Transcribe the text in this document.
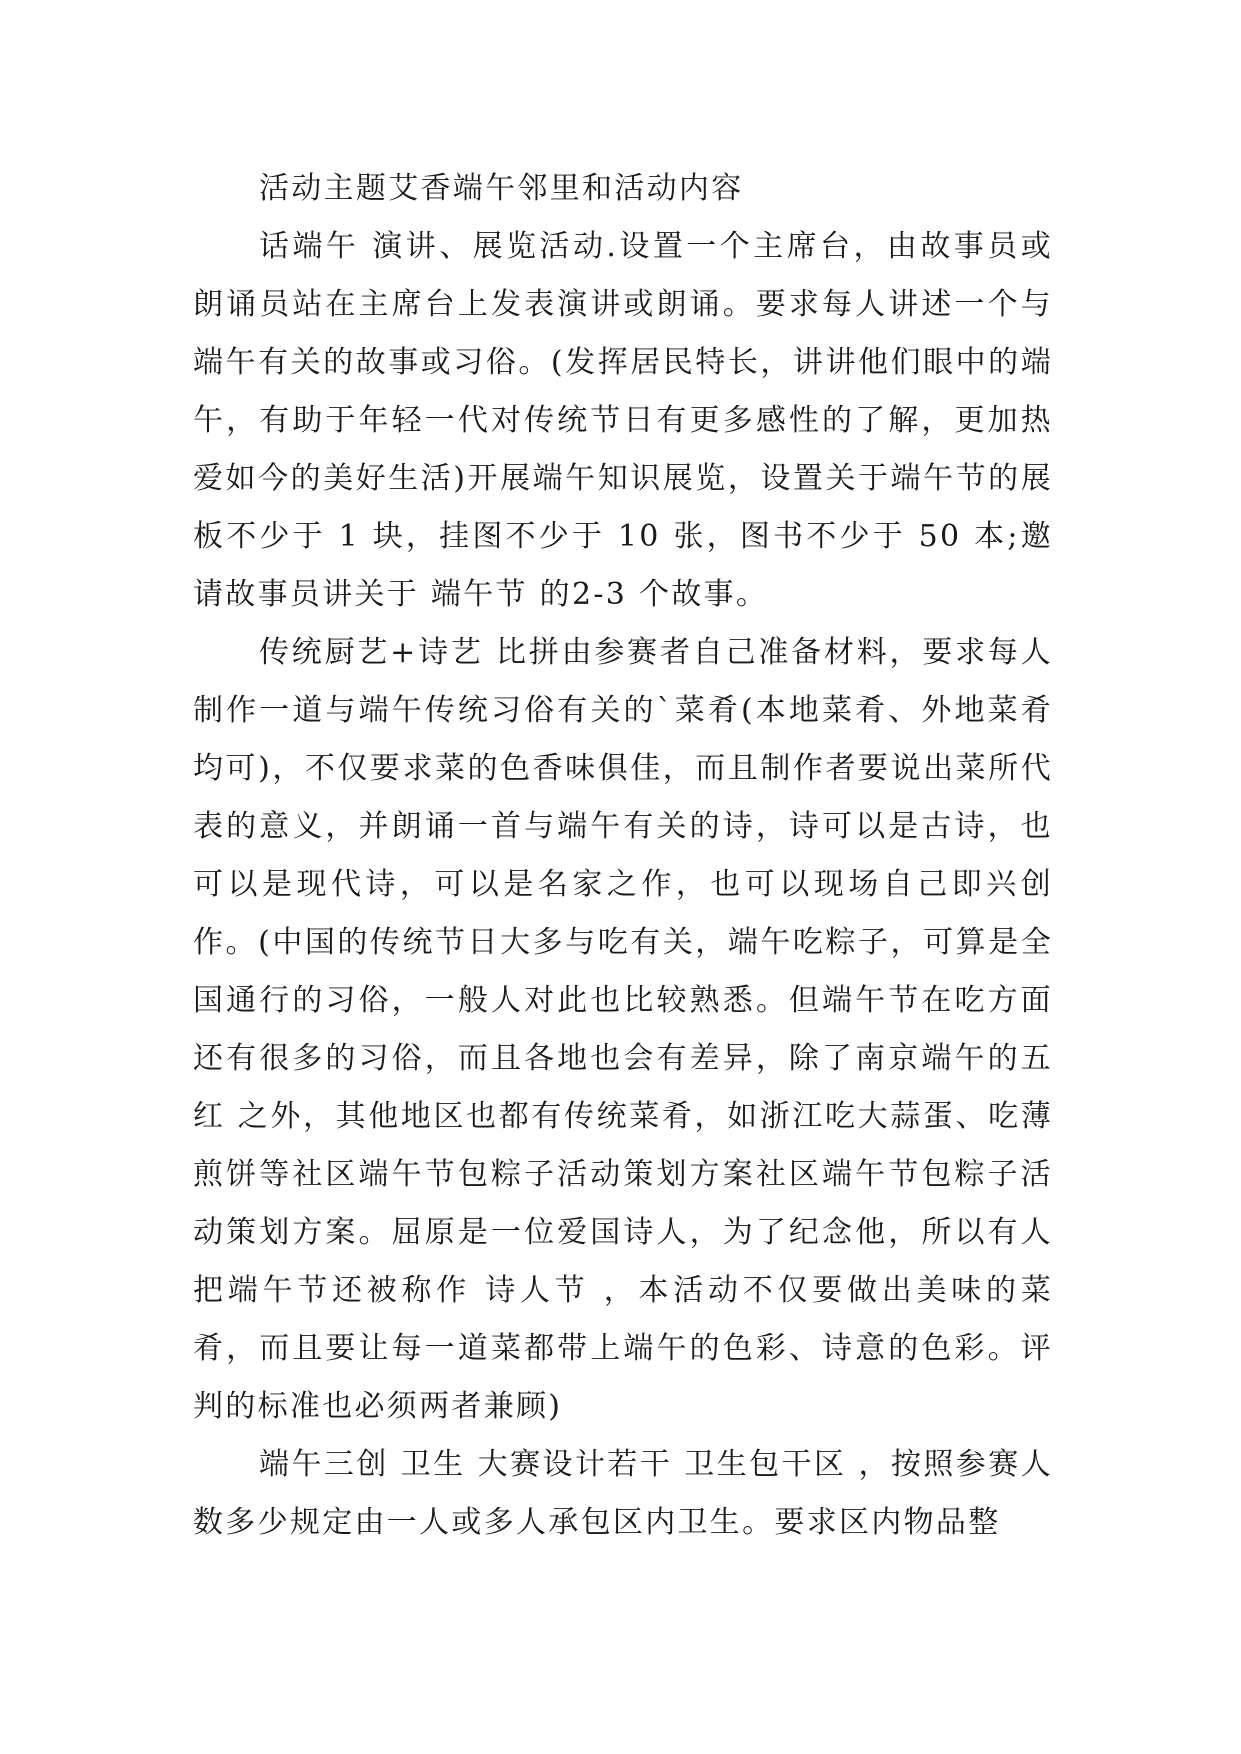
活动主题艾香端午邻里和活动内容

话端午 演讲、展览活动.设置一个主席台，由故事员或朗诵员站在主席台上发表演讲或朗诵。要求每人讲述一个与端午有关的故事或习俗。(发挥居民特长，讲讲他们眼中的端午，有助于年轻一代对传统节日有更多感性的了解，更加热爱如今的美好生活)开展端午知识展览，设置关于端午节的展板不少于 1 块，挂图不少于 10 张，图书不少于 50 本;邀请故事员讲关于 端午节 的2-3 个故事。

传统厨艺+诗艺 比拼由参赛者自己准备材料，要求每人制作一道与端午传统习俗有关的`菜肴(本地菜肴、外地菜肴均可)，不仅要求菜的色香味俱佳，而且制作者要说出菜所代表的意义，并朗诵一首与端午有关的诗，诗可以是古诗，也可以是现代诗，可以是名家之作，也可以现场自己即兴创作。(中国的传统节日大多与吃有关，端午吃粽子，可算是全国通行的习俗，一般人对此也比较熟悉。但端午节在吃方面还有很多的习俗，而且各地也会有差异，除了南京端午的五红 之外，其他地区也都有传统菜肴，如浙江吃大蒜蛋、吃薄煎饼等社区端午节包粽子活动策划方案社区端午节包粽子活动策划方案。屈原是一位爱国诗人，为了纪念他，所以有人把端午节还被称作 诗人节 ，本活动不仅要做出美味的菜肴，而且要让每一道菜都带上端午的色彩、诗意的色彩。评判的标准也必须两者兼顾)

端午三创 卫生 大赛设计若干 卫生包干区 ，按照参赛人数多少规定由一人或多人承包区内卫生。要求区内物品整
